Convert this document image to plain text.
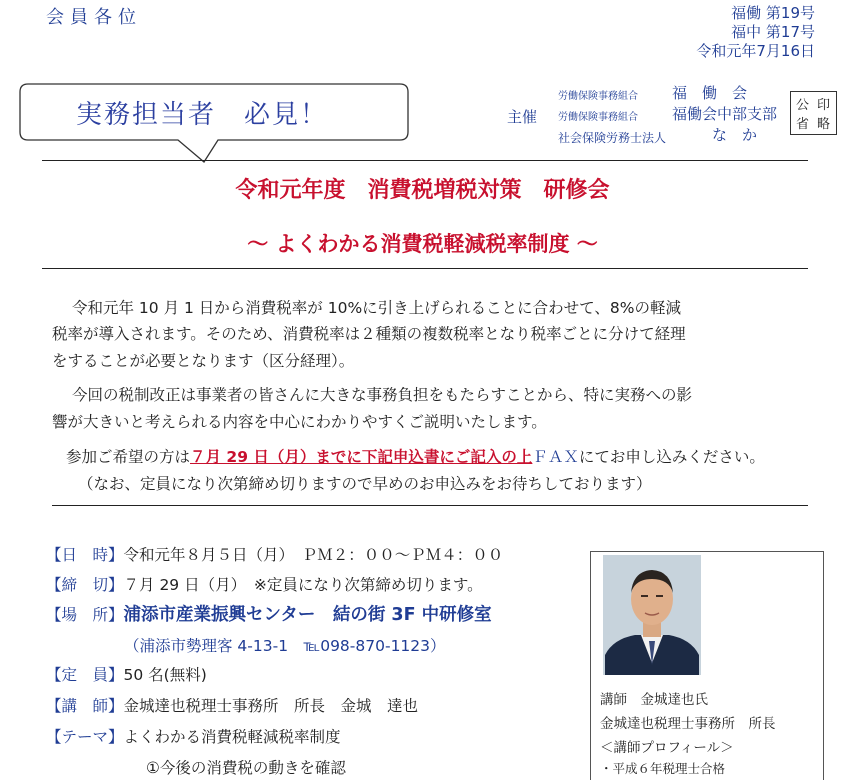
会員各位	福働 第19号
福中 第17号
令和元年7月16日
実務担当者　必見！	主催
労働保険事務組合 福　働　会
労働保険事務組合 福働会中部支部
社会保険労務士法人	な　か
公 印
省 略
令和元年度　消費税増税対策　研修会
～ よくわかる消費税軽減税率制度 ～
令和元年 10 月 1 日から消費税率が 10%に引き上げられることに合わせて、8%の軽減
税率が導入されます。そのため、消費税率は２種類の複数税率となり税率ごとに分けて経理
をすることが必要となります（区分経理）。
今回の税制改正は事業者の皆さんに大きな事務負担をもたらすことから、特に実務への影
響が大きいと考えられる内容を中心にわかりやすくご説明いたします。
参加ご希望の方は７月 29 日（月）までに下記申込書にご記入の上ＦＡＸにてお申し込みください。
（なお、定員になり次第締め切りますので早めのお申込みをお待ちしております）
【日　時】令和元年８月５日（月）　ＰＭ２：００～ＰＭ４：００
【締　切】７月 29 日（月）　※定員になり次第締め切ります。
【場　所】浦添市産業振興センター　結の街 3F 中研修室
（浦添市勢理客 4-13-1　℡098-870-1123）
【定　員】50 名(無料)
【講　師】金城達也税理士事務所　所長　金城　達也
【テーマ】よくわかる消費税軽減税率制度
①今後の消費税の動きを確認
講師　金城達也氏
金城達也税理士事務所　所長
＜講師プロフィール＞
・平成６年税理士合格
